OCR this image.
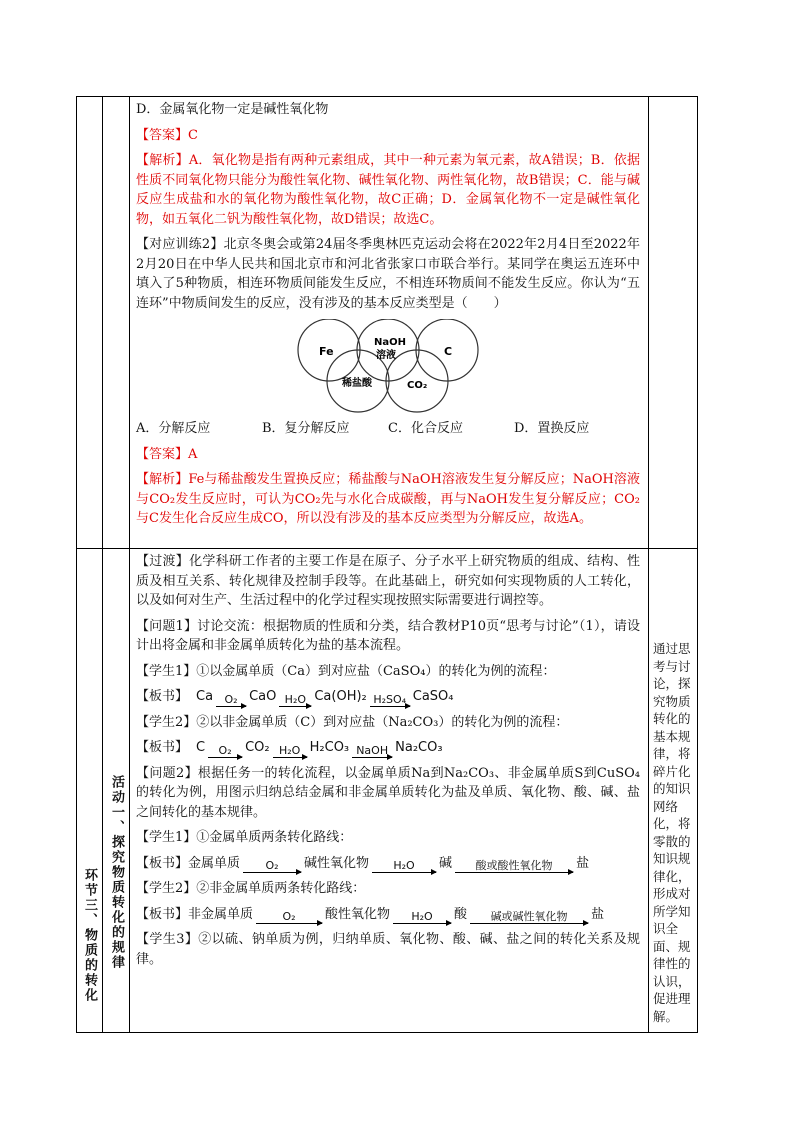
D．金属氧化物一定是碱性氧化物

【答案】C

【解析】A．氧化物是指有两种元素组成，其中一种元素为氧元素，故A错误；B．依据性质不同氧化物只能分为酸性氧化物、碱性氧化物、两性氧化物，故B错误；C．能与碱反应生成盐和水的氧化物为酸性氧化物，故C正确；D．金属氧化物不一定是碱性氧化物，如五氧化二钒为酸性氧化物，故D错误；故选C。

【对应训练2】北京冬奥会或第24届冬季奥林匹克运动会将在2022年2月4日至2022年2月20日在中华人民共和国北京市和河北省张家口市联合举行。某同学在奥运五连环中填入了5种物质，相连环物质间能发生反应，不相连环物质间不能发生反应。你认为“五连环”中物质间发生的反应，没有涉及的基本反应类型是（　　）

Fe
NaOH
溶液	C
稀盐酸	CO₂
A．分解反应	B．复分解反应	C．化合反应	D．置换反应

【答案】A

【解析】Fe与稀盐酸发生置换反应；稀盐酸与NaOH溶液发生复分解反应；NaOH溶液与CO₂发生反应时，可认为CO₂先与水化合成碳酸，再与NaOH发生复分解反应；CO₂与C发生化合反应生成CO，所以没有涉及的基本反应类型为分解反应，故选A。

环节三、物质的转化 活动一、探究物质转化的规律

【过渡】化学科研工作者的主要工作是在原子、分子水平上研究物质的组成、结构、性质及相互关系、转化规律及控制手段等。在此基础上，研究如何实现物质的人工转化，以及如何对生产、生活过程中的化学过程实现按照实际需要进行调控等。

【问题1】讨论交流：根据物质的性质和分类，结合教材P10页“思考与讨论”（1），请设计出将金属和非金属单质转化为盐的基本流程。

【学生1】①以金属单质（Ca）到对应盐（CaSO₄）的转化为例的流程：

【板书】 Ca	O₂ CaO H₂O Ca(OH)₂ H₂SO₄ CaSO₄

【学生2】②以非金属单质（C）到对应盐（Na₂CO₃）的转化为例的流程：

【板书】 C	O₂	CO₂ H₂O H₂CO₃ NaOH Na₂CO₃

【问题2】根据任务一的转化流程，以金属单质Na到Na₂CO₃、非金属单质S到CuSO₄的转化为例，用图示归纳总结金属和非金属单质转化为盐及单质、氧化物、酸、碱、盐之间转化的基本规律。

【学生1】①金属单质两条转化路线：

【板书】 金属单质	O₂	碱性氧化物	H₂O	碱	酸或酸性氧化物	盐

【学生2】②非金属单质两条转化路线：

【板书】 非金属单质	O₂	酸性氧化物	H₂O	酸	碱或碱性氧化物	盐

【学生3】②以硫、钠单质为例，归纳单质、氧化物、酸、碱、盐之间的转化关系及规律。

通过思考与讨论，探究物质转化的基本规律，将碎片化的知识网络化，将零散的知识规律化，形成对所学知识全面、规律性的认识，促进理解。
